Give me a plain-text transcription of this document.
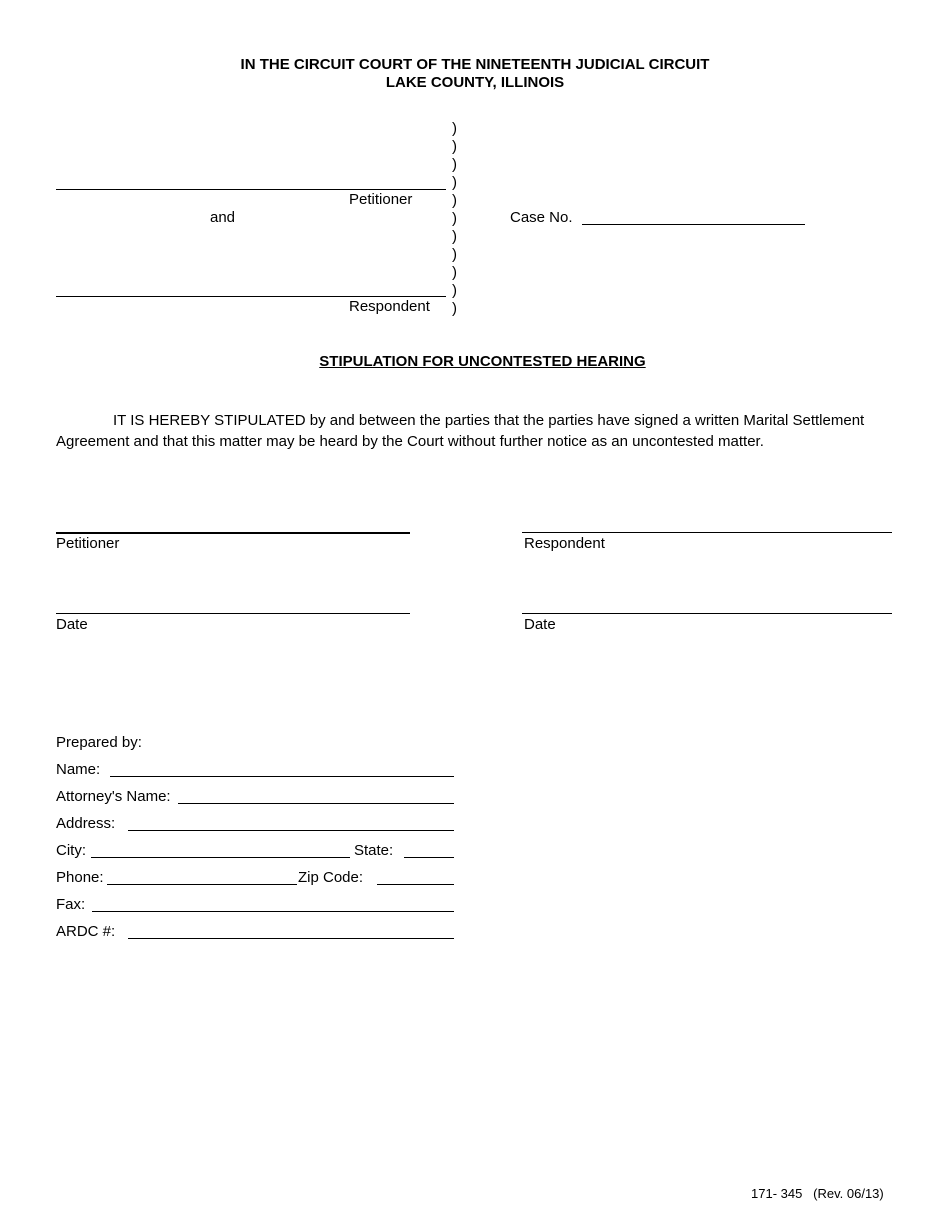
IN THE CIRCUIT COURT OF THE NINETEENTH JUDICIAL CIRCUIT
LAKE COUNTY, ILLINOIS
)
)
)
)
)
)
)
)
)
)
)
Petitioner
and	Case No.
Respondent
STIPULATION FOR UNCONTESTED HEARING
IT IS HEREBY STIPULATED by and between the parties that the parties have signed a written Marital Settlement Agreement and that this matter may be heard by the Court without further notice as an uncontested matter.
Petitioner	Respondent
Date	Date
Prepared by:
Name:
Attorney's Name:
Address:
City:	State:
Phone:	Zip Code:
Fax:
ARDC #:
171- 345 (Rev. 06/13)
